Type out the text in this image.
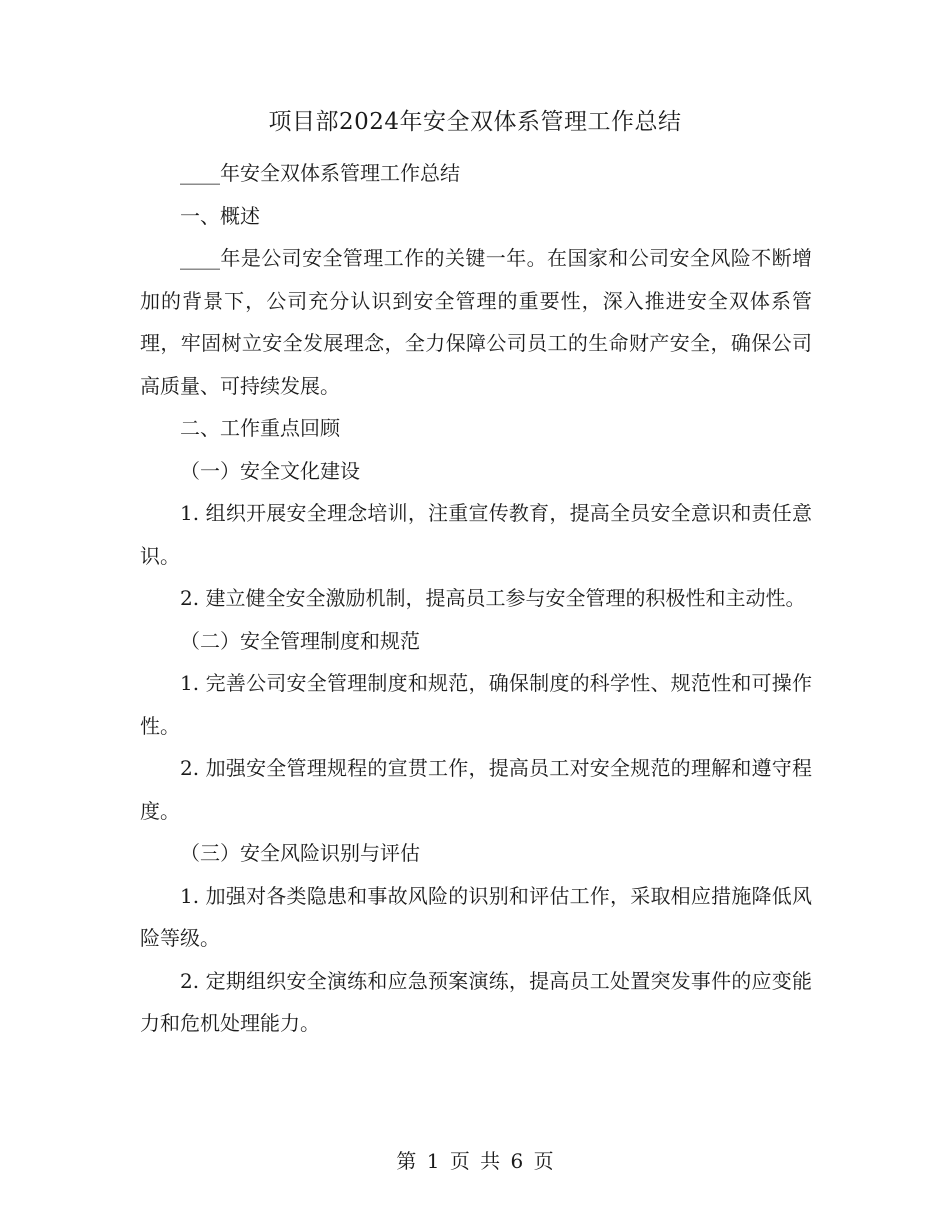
项目部2024年安全双体系管理工作总结

____年安全双体系管理工作总结

一、概述

____年是公司安全管理工作的关键一年。在国家和公司安全风险不断增加的背景下，公司充分认识到安全管理的重要性，深入推进安全双体系管理，牢固树立安全发展理念，全力保障公司员工的生命财产安全，确保公司高质量、可持续发展。

二、工作重点回顾

（一）安全文化建设

1. 组织开展安全理念培训，注重宣传教育，提高全员安全意识和责任意识。

2. 建立健全安全激励机制，提高员工参与安全管理的积极性和主动性。

（二）安全管理制度和规范

1. 完善公司安全管理制度和规范，确保制度的科学性、规范性和可操作性。

2. 加强安全管理规程的宣贯工作，提高员工对安全规范的理解和遵守程度。

（三）安全风险识别与评估

1. 加强对各类隐患和事故风险的识别和评估工作，采取相应措施降低风险等级。

2. 定期组织安全演练和应急预案演练，提高员工处置突发事件的应变能力和危机处理能力。

第 1 页 共 6 页
